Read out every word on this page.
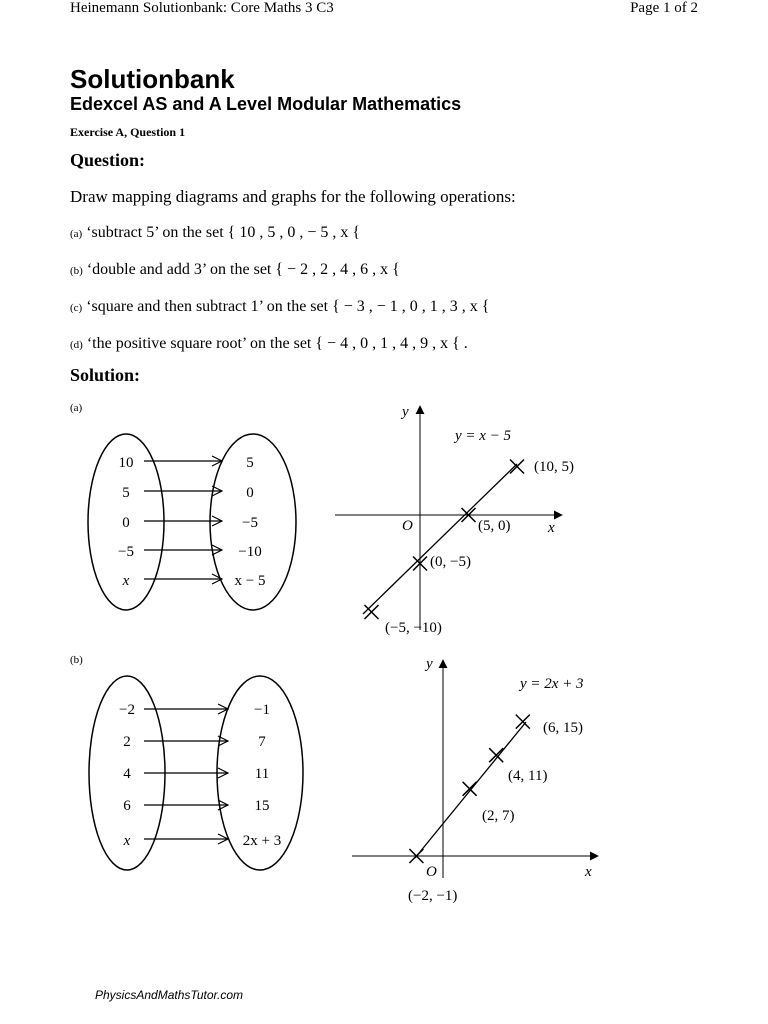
Heinemann Solutionbank: Core Maths 3 C3	Page 1 of 2
Solutionbank
Edexcel AS and A Level Modular Mathematics
Exercise A, Question 1
Question:
Draw mapping diagrams and graphs for the following operations:
(a) ‘subtract 5’ on the set { 10 , 5 , 0 , − 5 , x {
(b) ‘double and add 3’ on the set { − 2 , 2 , 4 , 6 , x {
(c) ‘square and then subtract 1’ on the set { − 3 , − 1 , 0 , 1 , 3 , x {
(d) ‘the positive square root’ on the set { − 4 , 0 , 1 , 4 , 9 , x { .
Solution:
(a)
(b)
10
5
0
−5
x
5
0
−5
−10
x − 5
y
x
O
y = x − 5
(10, 5)
(5, 0)
(0, −5)
(−5, −10)
−2
2
4
6
x
−1
7
11
15
2x + 3
y
x
O
y = 2x + 3
(6, 15)
(4, 11)
(2, 7)
(−2, −1)
PhysicsAndMathsTutor.com
